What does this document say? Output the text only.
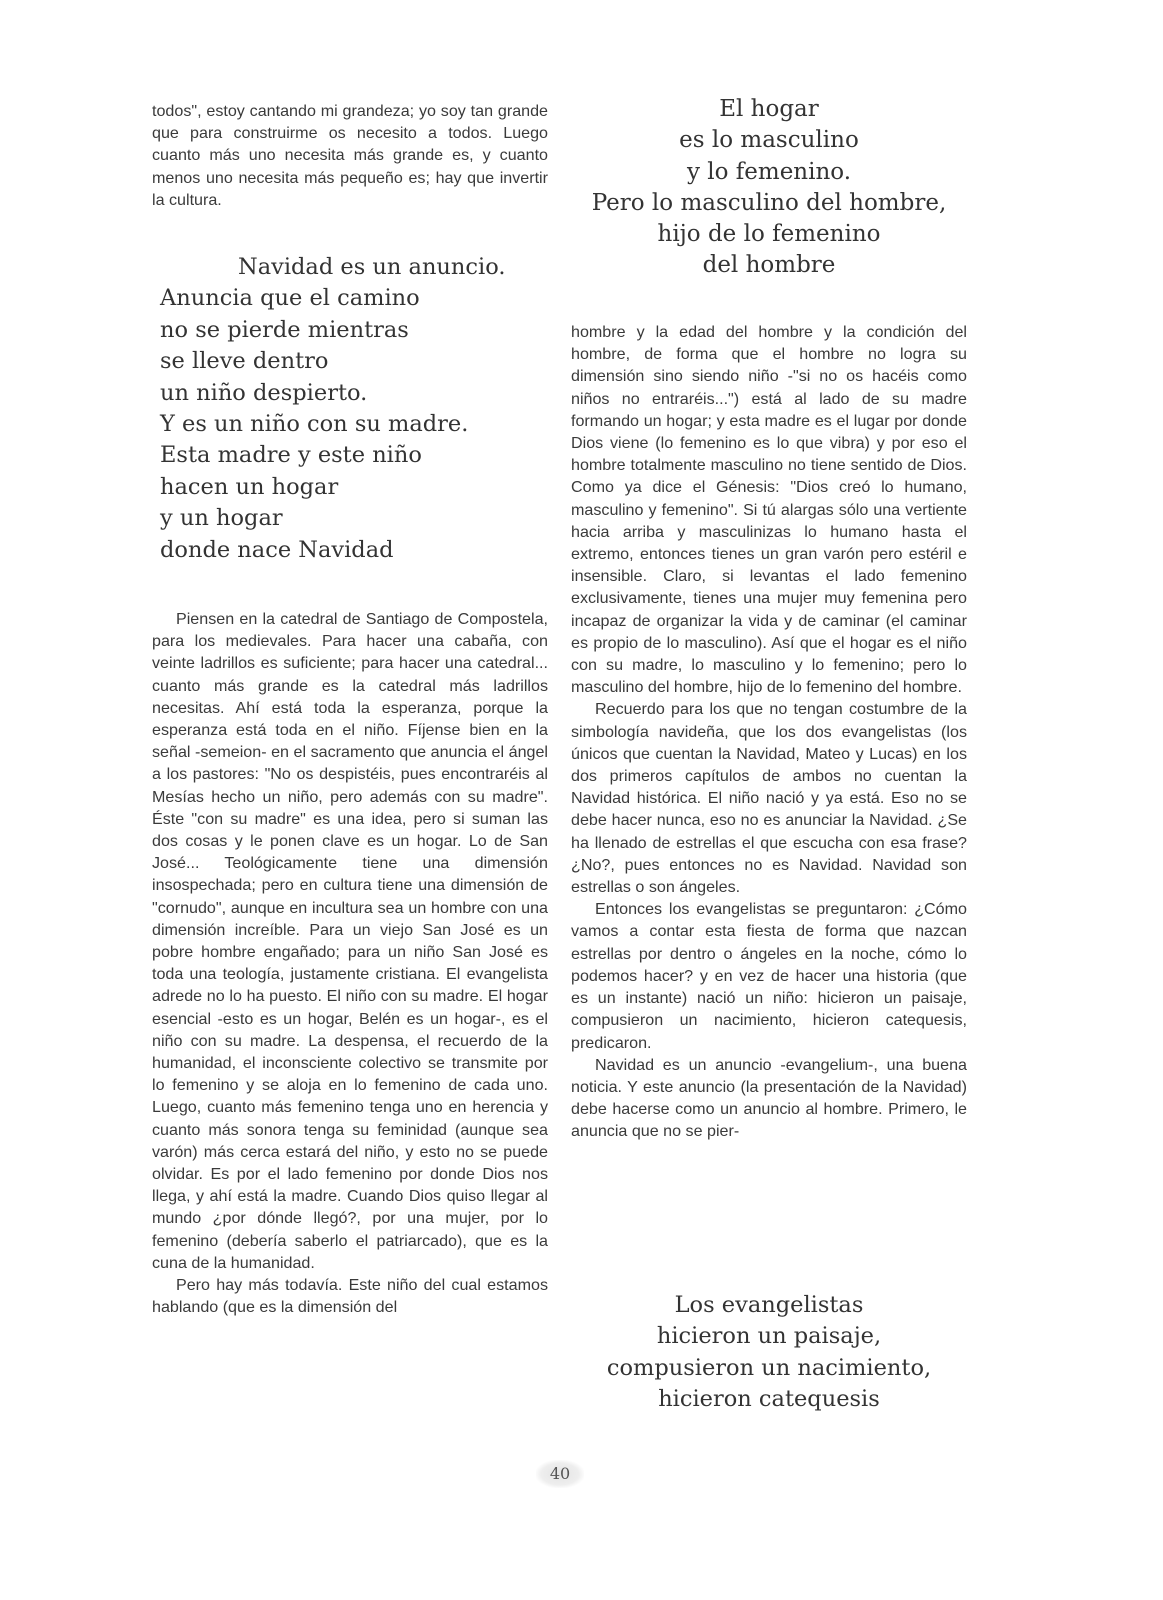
todos", estoy cantando mi grandeza; yo soy tan grande que para construirme os necesito a todos. Luego cuanto más uno necesita más grande es, y cuanto menos uno necesita más pequeño es; hay que invertir la cultura.

Navidad es un anuncio.
Anuncia que el camino
no se pierde mientras
se lleve dentro
un niño despierto.
Y es un niño con su madre.
Esta madre y este niño
hacen un hogar
y un hogar
donde nace Navidad

Piensen en la catedral de Santiago de Compostela, para los medievales. Para hacer una cabaña, con veinte ladrillos es suficiente; para hacer una catedral... cuanto más grande es la catedral más ladrillos necesitas. Ahí está toda la esperanza, porque la esperanza está toda en el niño. Fíjense bien en la señal -semeion- en el sacramento que anuncia el ángel a los pastores: "No os despistéis, pues encontraréis al Mesías hecho un niño, pero además con su madre". Éste "con su madre" es una idea, pero si suman las dos cosas y le ponen clave es un hogar. Lo de San José... Teológicamente tiene una dimensión insospechada; pero en cultura tiene una dimensión de "cornudo", aunque en incultura sea un hombre con una dimensión increíble. Para un viejo San José es un pobre hombre engañado; para un niño San José es toda una teología, justamente cristiana. El evangelista adrede no lo ha puesto. El niño con su madre. El hogar esencial -esto es un hogar, Belén es un hogar-, es el niño con su madre. La despensa, el recuerdo de la humanidad, el inconsciente colectivo se transmite por lo femenino y se aloja en lo femenino de cada uno. Luego, cuanto más femenino tenga uno en herencia y cuanto más sonora tenga su feminidad (aunque sea varón) más cerca estará del niño, y esto no se puede olvidar. Es por el lado femenino por donde Dios nos llega, y ahí está la madre. Cuando Dios quiso llegar al mundo ¿por dónde llegó?, por una mujer, por lo femenino (debería saberlo el patriarcado), que es la cuna de la humanidad.

Pero hay más todavía. Este niño del cual estamos hablando (que es la dimensión del

El hogar
es lo masculino
y lo femenino.
Pero lo masculino del hombre,
hijo de lo femenino
del hombre

hombre y la edad del hombre y la condición del hombre, de forma que el hombre no logra su dimensión sino siendo niño -"si no os hacéis como niños no entraréis...") está al lado de su madre formando un hogar; y esta madre es el lugar por donde Dios viene (lo femenino es lo que vibra) y por eso el hombre totalmente masculino no tiene sentido de Dios. Como ya dice el Génesis: "Dios creó lo humano, masculino y femenino". Si tú alargas sólo una vertiente hacia arriba y masculinizas lo humano hasta el extremo, entonces tienes un gran varón pero estéril e insensible. Claro, si levantas el lado femenino exclusivamente, tienes una mujer muy femenina pero incapaz de organizar la vida y de caminar (el caminar es propio de lo masculino). Así que el hogar es el niño con su madre, lo masculino y lo femenino; pero lo masculino del hombre, hijo de lo femenino del hombre.

Recuerdo para los que no tengan costumbre de la simbología navideña, que los dos evangelistas (los únicos que cuentan la Navidad, Mateo y Lucas) en los dos primeros capítulos de ambos no cuentan la Navidad histórica. El niño nació y ya está. Eso no se debe hacer nunca, eso no es anunciar la Navidad. ¿Se ha llenado de estrellas el que escucha con esa frase? ¿No?, pues entonces no es Navidad. Navidad son estrellas o son ángeles.

Entonces los evangelistas se preguntaron: ¿Cómo vamos a contar esta fiesta de forma que nazcan estrellas por dentro o ángeles en la noche, cómo lo podemos hacer? y en vez de hacer una historia (que es un instante) nació un niño: hicieron un paisaje, compusieron un nacimiento, hicieron catequesis, predicaron.

Navidad es un anuncio -evangelium-, una buena noticia. Y este anuncio (la presentación de la Navidad) debe hacerse como un anuncio al hombre. Primero, le anuncia que no se pier-

Los evangelistas
hicieron un paisaje,
compusieron un nacimiento,
hicieron catequesis
40
